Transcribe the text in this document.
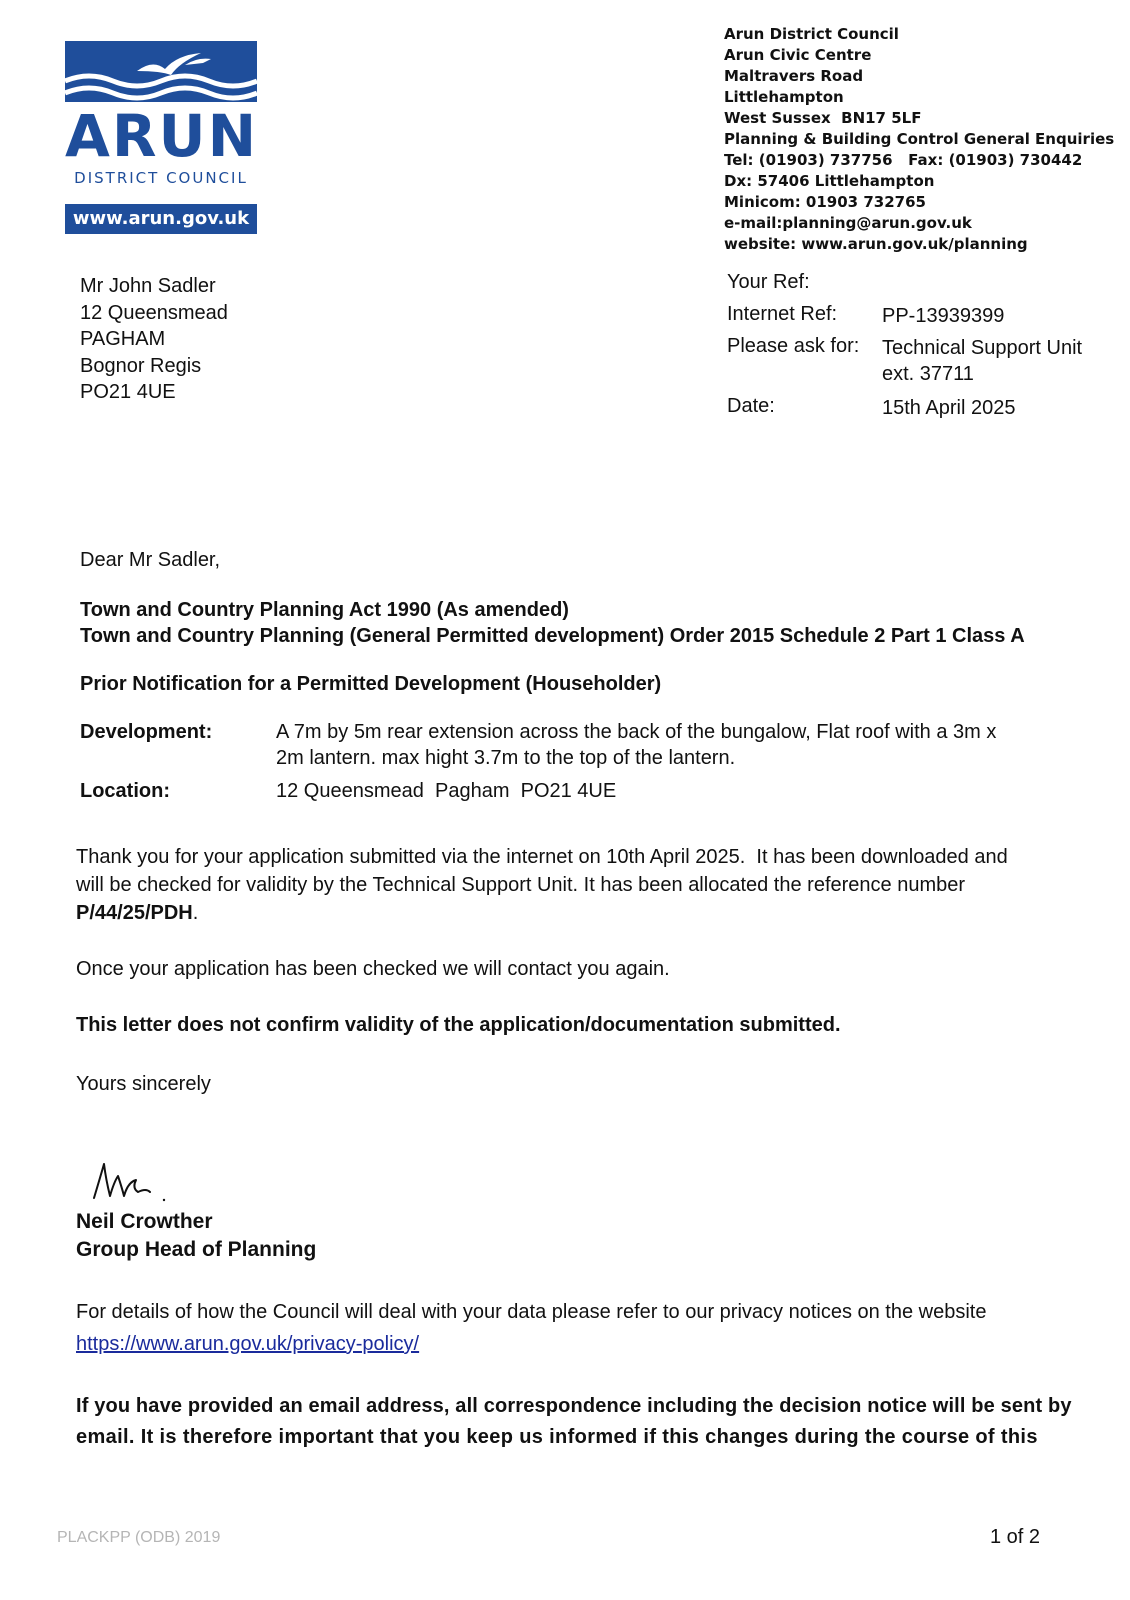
ARUN
DISTRICT COUNCIL
www.arun.gov.uk
Arun District Council
Arun Civic Centre
Maltravers Road
Littlehampton
West Sussex  BN17 5LF
Planning & Building Control General Enquiries
Tel: (01903) 737756   Fax: (01903) 730442
Dx: 57406 Littlehampton
Minicom: 01903 732765
e-mail:planning@arun.gov.uk
website: www.arun.gov.uk/planning
Mr John Sadler
12 Queensmead
PAGHAM
Bognor Regis
PO21 4UE
Your Ref:
Internet Ref: PP-13939399
Please ask for: Technical Support Unit
ext. 37711
Date:	15th April 2025
Dear Mr Sadler,
Town and Country Planning Act 1990 (As amended)
Town and Country Planning (General Permitted development) Order 2015 Schedule 2 Part 1 Class A
Prior Notification for a Permitted Development (Householder)
Development:	A 7m by 5m rear extension across the back of the bungalow, Flat roof with a 3m x
2m lantern. max hight 3.7m to the top of the lantern.
Location:	12 Queensmead  Pagham  PO21 4UE
Thank you for your application submitted via the internet on 10th April 2025.  It has been downloaded and
will be checked for validity by the Technical Support Unit. It has been allocated the reference number
P/44/25/PDH.
Once your application has been checked we will contact you again.
This letter does not confirm validity of the application/documentation submitted.
Yours sincerely
Neil Crowther
Group Head of Planning
For details of how the Council will deal with your data please refer to our privacy notices on the website
https://www.arun.gov.uk/privacy-policy/
If you have provided an email address, all correspondence including the decision notice will be sent by
email. It is therefore important that you keep us informed if this changes during the course of this
PLACKPP (ODB) 2019	1 of 2
